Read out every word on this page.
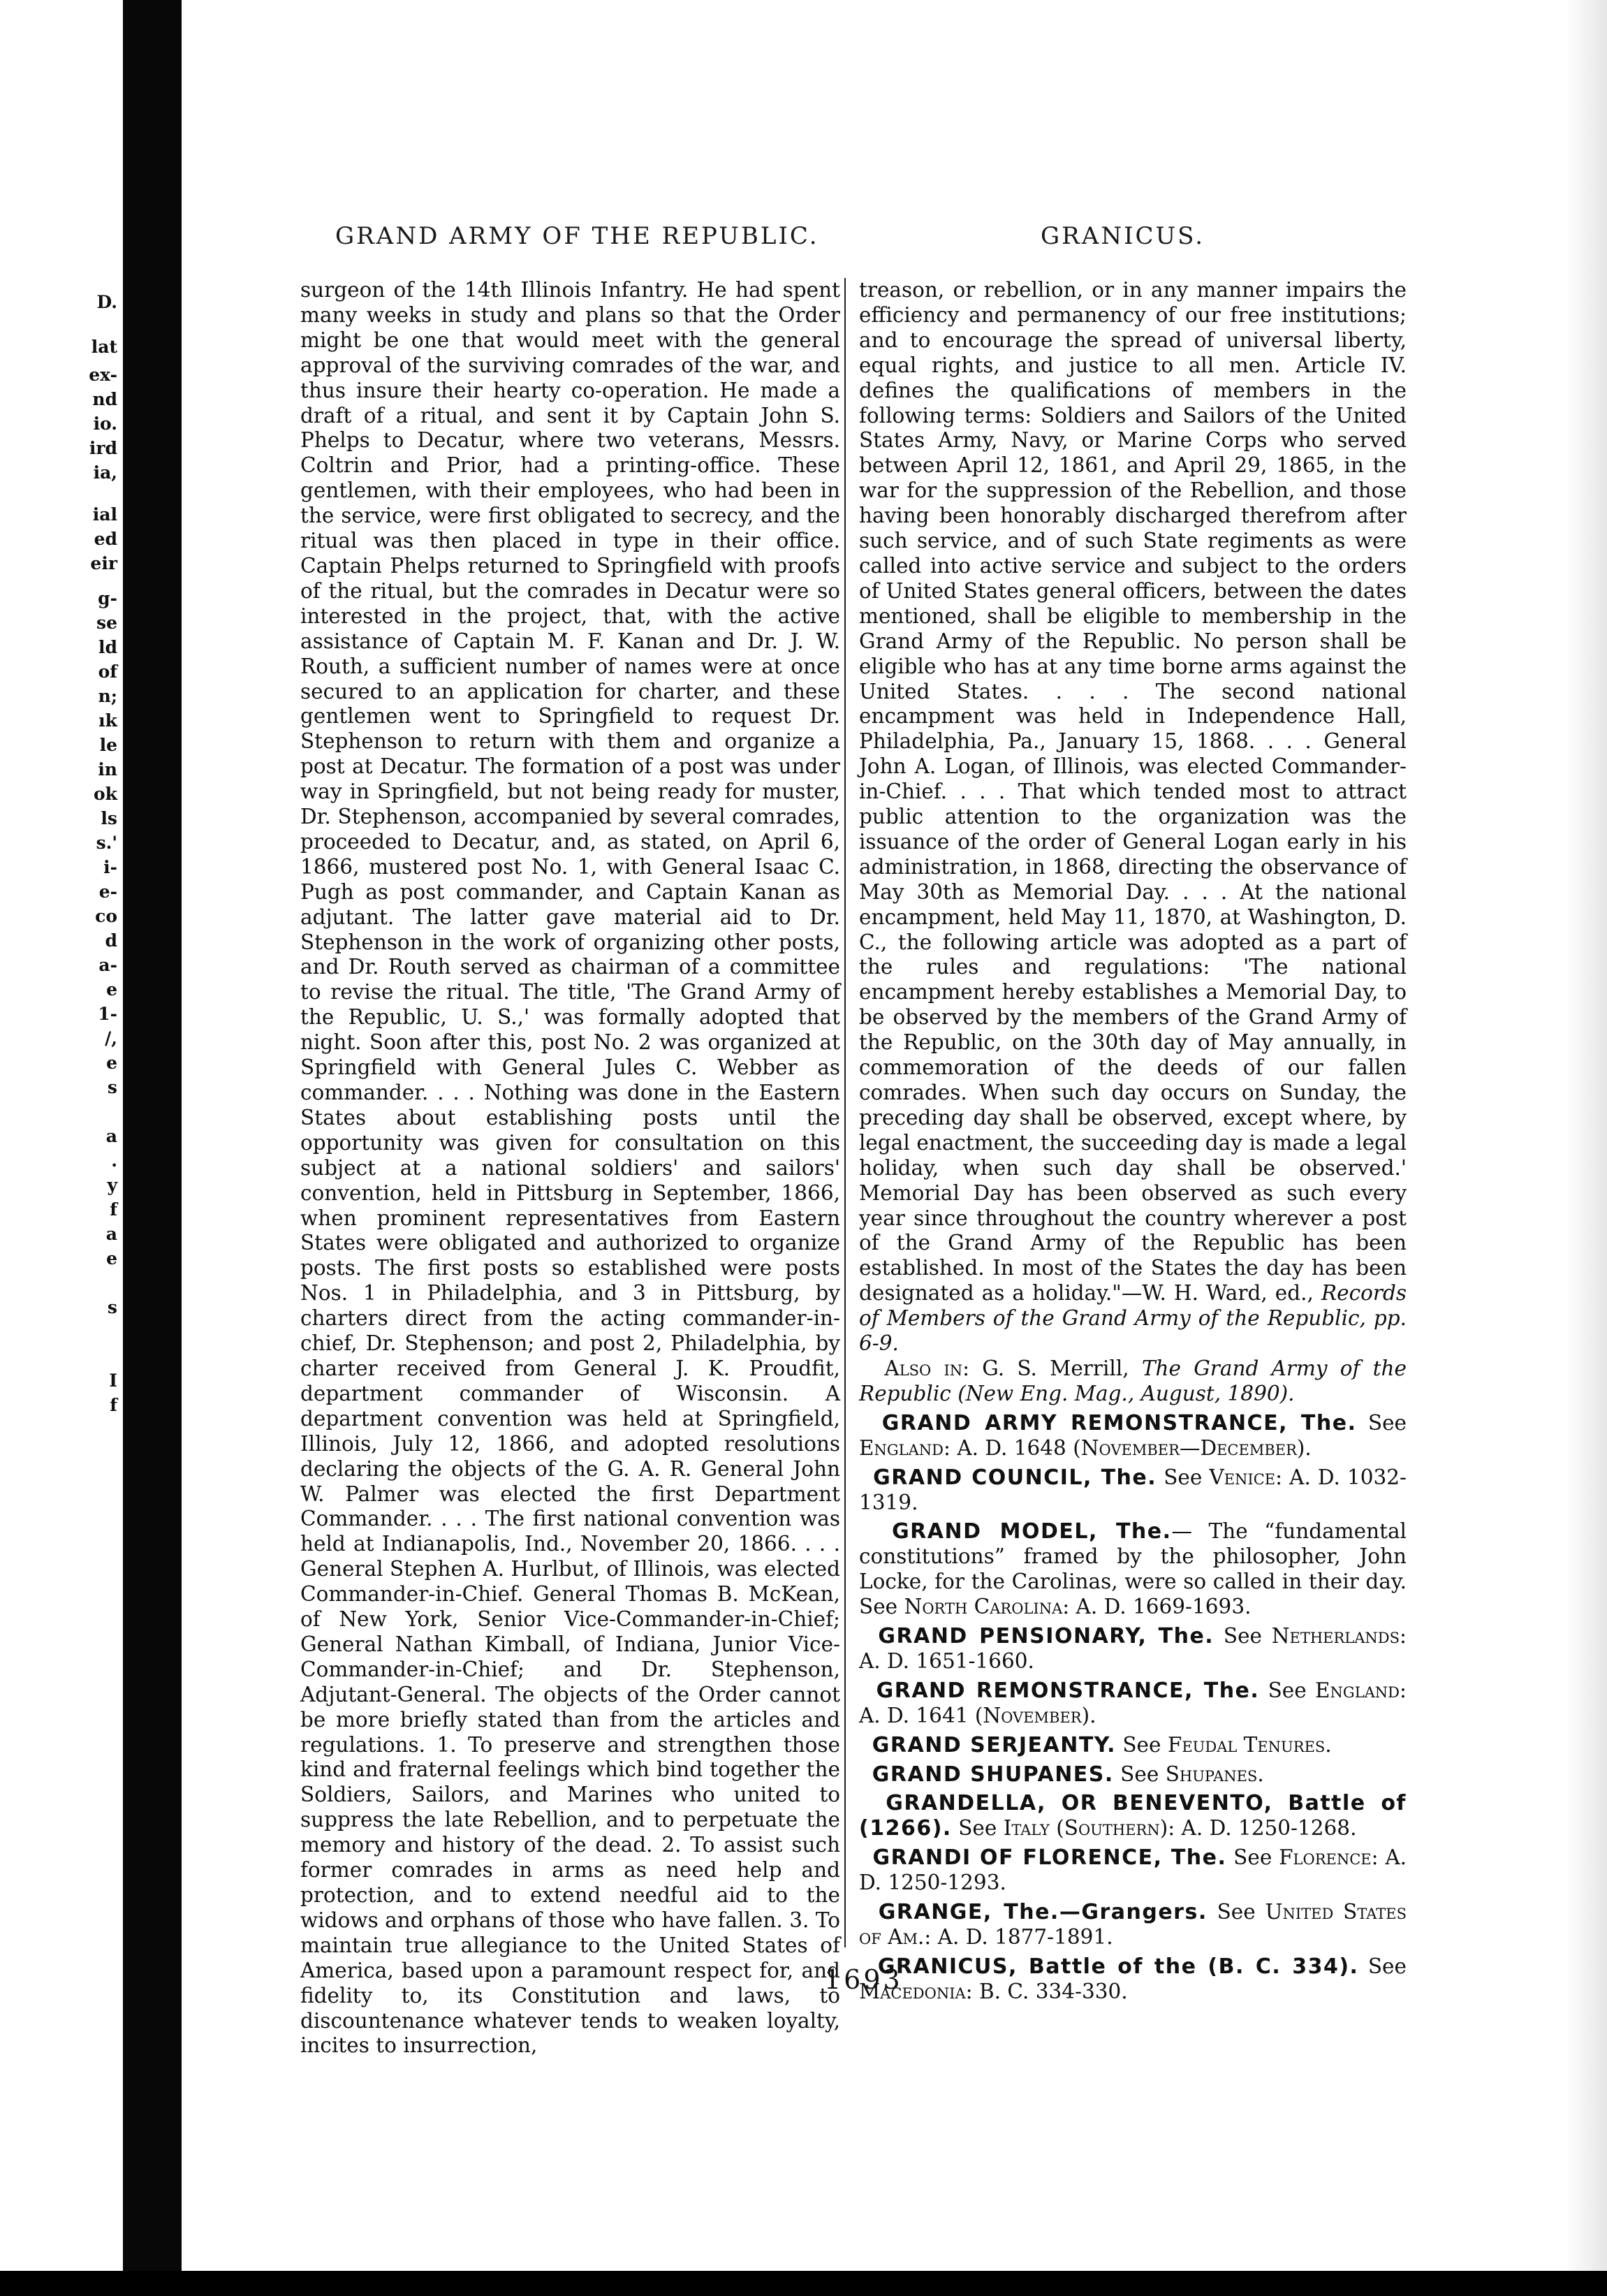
D.
lat
ex-
nd
io.
ird
ia,
ial
ed
eir
g-
se
ld
of
n;
ık
le
in
ok
ls
s.'
i-
e-
co
d
a-
e
1-
/,
e
s
a
.
y
f
a
e
s
I
f
GRAND ARMY OF THE REPUBLIC.	GRANICUS.

surgeon of the 14th Illinois Infantry. He had spent many weeks in study and plans so that the Order might be one that would meet with the general approval of the surviving comrades of the war, and thus insure their hearty co-operation. He made a draft of a ritual, and sent it by Captain John S. Phelps to Decatur, where two veterans, Messrs. Coltrin and Prior, had a printing-office. These gentlemen, with their employees, who had been in the service, were first obligated to secrecy, and the ritual was then placed in type in their office. Captain Phelps returned to Springfield with proofs of the ritual, but the comrades in Decatur were so interested in the project, that, with the active assistance of Captain M. F. Kanan and Dr. J. W. Routh, a sufficient number of names were at once secured to an application for charter, and these gentlemen went to Springfield to request Dr. Stephenson to return with them and organize a post at Decatur. The formation of a post was under way in Springfield, but not being ready for muster, Dr. Stephenson, accompanied by several comrades, proceeded to Decatur, and, as stated, on April 6, 1866, mustered post No. 1, with General Isaac C. Pugh as post commander, and Captain Kanan as adjutant. The latter gave material aid to Dr. Stephenson in the work of organizing other posts, and Dr. Routh served as chairman of a committee to revise the ritual. The title, 'The Grand Army of the Republic, U. S.,' was formally adopted that night. Soon after this, post No. 2 was organized at Springfield with General Jules C. Webber as commander. . . . Nothing was done in the Eastern States about establishing posts until the opportunity was given for consultation on this subject at a national soldiers' and sailors' convention, held in Pittsburg in September, 1866, when prominent representatives from Eastern States were obligated and authorized to organize posts. The first posts so established were posts Nos. 1 in Philadelphia, and 3 in Pittsburg, by charters direct from the acting commander-in-chief, Dr. Stephenson; and post 2, Philadelphia, by charter received from General J. K. Proudfit, department commander of Wisconsin. A department convention was held at Springfield, Illinois, July 12, 1866, and adopted resolutions declaring the objects of the G. A. R. General John W. Palmer was elected the first Department Commander. . . . The first national convention was held at Indianapolis, Ind., November 20, 1866. . . . General Stephen A. Hurlbut, of Illinois, was elected Commander-in-Chief. General Thomas B. McKean, of New York, Senior Vice-Commander-in-Chief; General Nathan Kimball, of Indiana, Junior Vice-Commander-in-Chief; and Dr. Stephenson, Adjutant-General. The objects of the Order cannot be more briefly stated than from the articles and regulations. 1. To preserve and strengthen those kind and fraternal feelings which bind together the Soldiers, Sailors, and Marines who united to suppress the late Rebellion, and to perpetuate the memory and history of the dead. 2. To assist such former comrades in arms as need help and protection, and to extend needful aid to the widows and orphans of those who have fallen. 3. To maintain true allegiance to the United States of America, based upon a paramount respect for, and fidelity to, its Constitution and laws, to discountenance whatever tends to weaken loyalty, incites to insurrection,

treason, or rebellion, or in any manner impairs the efficiency and permanency of our free institutions; and to encourage the spread of universal liberty, equal rights, and justice to all men. Article IV. defines the qualifications of members in the following terms: Soldiers and Sailors of the United States Army, Navy, or Marine Corps who served between April 12, 1861, and April 29, 1865, in the war for the suppression of the Rebellion, and those having been honorably discharged therefrom after such service, and of such State regiments as were called into active service and subject to the orders of United States general officers, between the dates mentioned, shall be eligible to membership in the Grand Army of the Republic. No person shall be eligible who has at any time borne arms against the United States. . . . The second national encampment was held in Independence Hall, Philadelphia, Pa., January 15, 1868. . . . General John A. Logan, of Illinois, was elected Commander-in-Chief. . . . That which tended most to attract public attention to the organization was the issuance of the order of General Logan early in his administration, in 1868, directing the observance of May 30th as Memorial Day. . . . At the national encampment, held May 11, 1870, at Washington, D. C., the following article was adopted as a part of the rules and regulations: 'The national encampment hereby establishes a Memorial Day, to be observed by the members of the Grand Army of the Republic, on the 30th day of May annually, in commemoration of the deeds of our fallen comrades. When such day occurs on Sunday, the preceding day shall be observed, except where, by legal enactment, the succeeding day is made a legal holiday, when such day shall be observed.' Memorial Day has been observed as such every year since throughout the country wherever a post of the Grand Army of the Republic has been established. In most of the States the day has been designated as a holiday."—W. H. Ward, ed., Records of Members of the Grand Army of the Republic, pp. 6-9.

Also in: G. S. Merrill, The Grand Army of the Republic (New Eng. Mag., August, 1890).

GRAND ARMY REMONSTRANCE, The. See England: A. D. 1648 (November—December).

GRAND COUNCIL, The. See Venice: A. D. 1032-1319.

GRAND MODEL, The.— The “fundamental constitutions” framed by the philosopher, John Locke, for the Carolinas, were so called in their day. See North Carolina: A. D. 1669-1693.

GRAND PENSIONARY, The. See Netherlands: A. D. 1651-1660.

GRAND REMONSTRANCE, The. See England: A. D. 1641 (November).

GRAND SERJEANTY. See Feudal Tenures.

GRAND SHUPANES. See Shupanes.

GRANDELLA, OR BENEVENTO, Battle of (1266). See Italy (Southern): A. D. 1250-1268.

GRANDI OF FLORENCE, The. See Florence: A. D. 1250-1293.

GRANGE, The.—Grangers. See United States of Am.: A. D. 1877-1891.

GRANICUS, Battle of the (B. C. 334). See Macedonia: B. C. 334-330.

1693
